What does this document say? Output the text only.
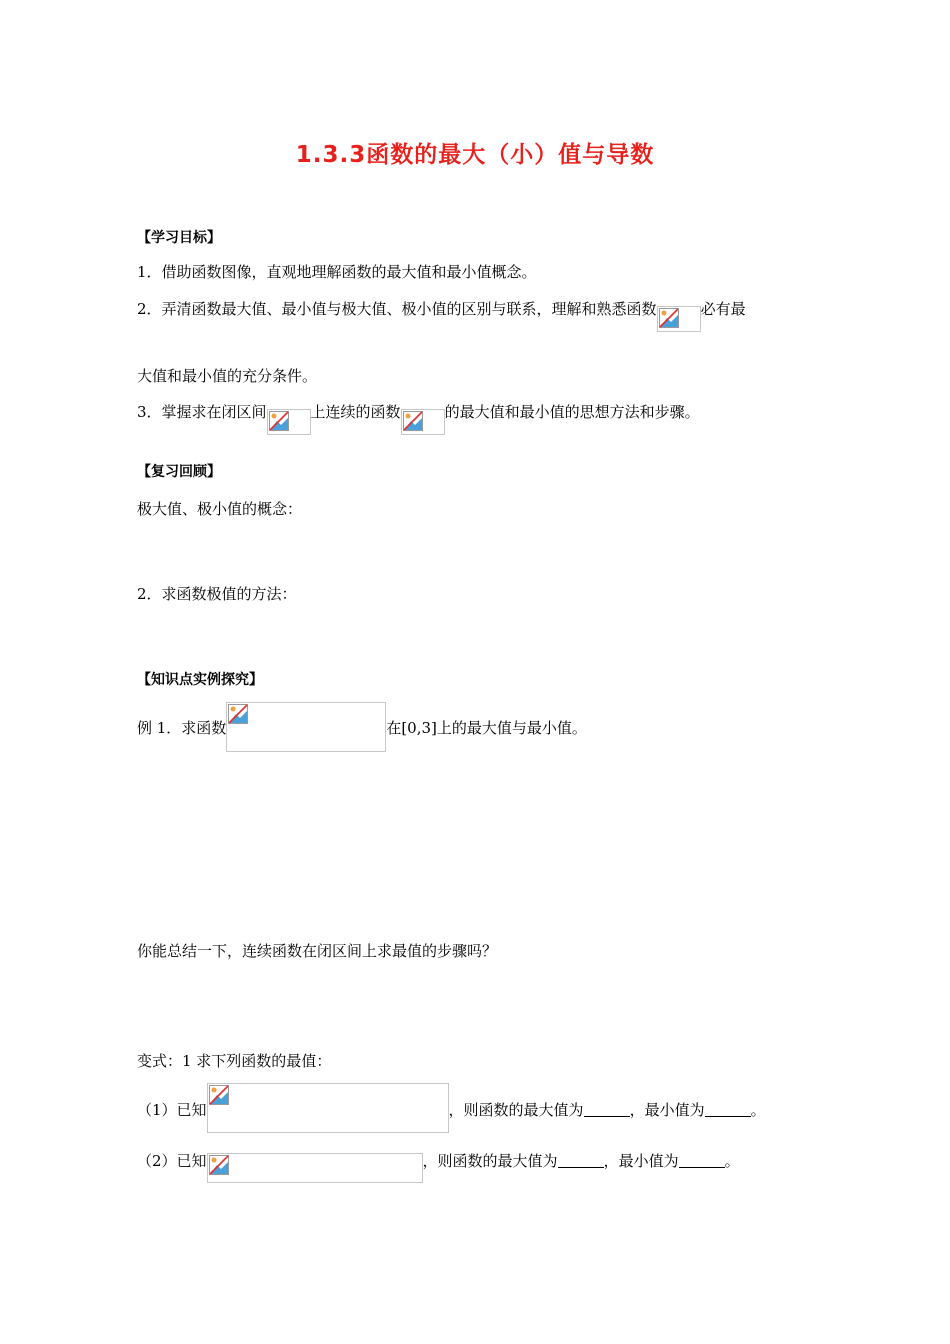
1.3.3函数的最大（小）值与导数
【学习目标】
1．借助函数图像，直观地理解函数的最大值和最小值概念。
2．弄清函数最大值、最小值与极大值、极小值的区别与联系，理解和熟悉函数	必有最
大值和最小值的充分条件。
3．掌握求在闭区间	上连续的函数	的最大值和最小值的思想方法和步骤。
【复习回顾】
极大值、极小值的概念：
2．求函数极值的方法：
【知识点实例探究】
例 1．求函数	在[0,3]上的最大值与最小值。
你能总结一下，连续函数在闭区间上求最值的步骤吗？
变式：1 求下列函数的最值：
（1）已知	，则函数的最大值为	，最小值为	。
（2）已知	，则函数的最大值为	，最小值为	。
